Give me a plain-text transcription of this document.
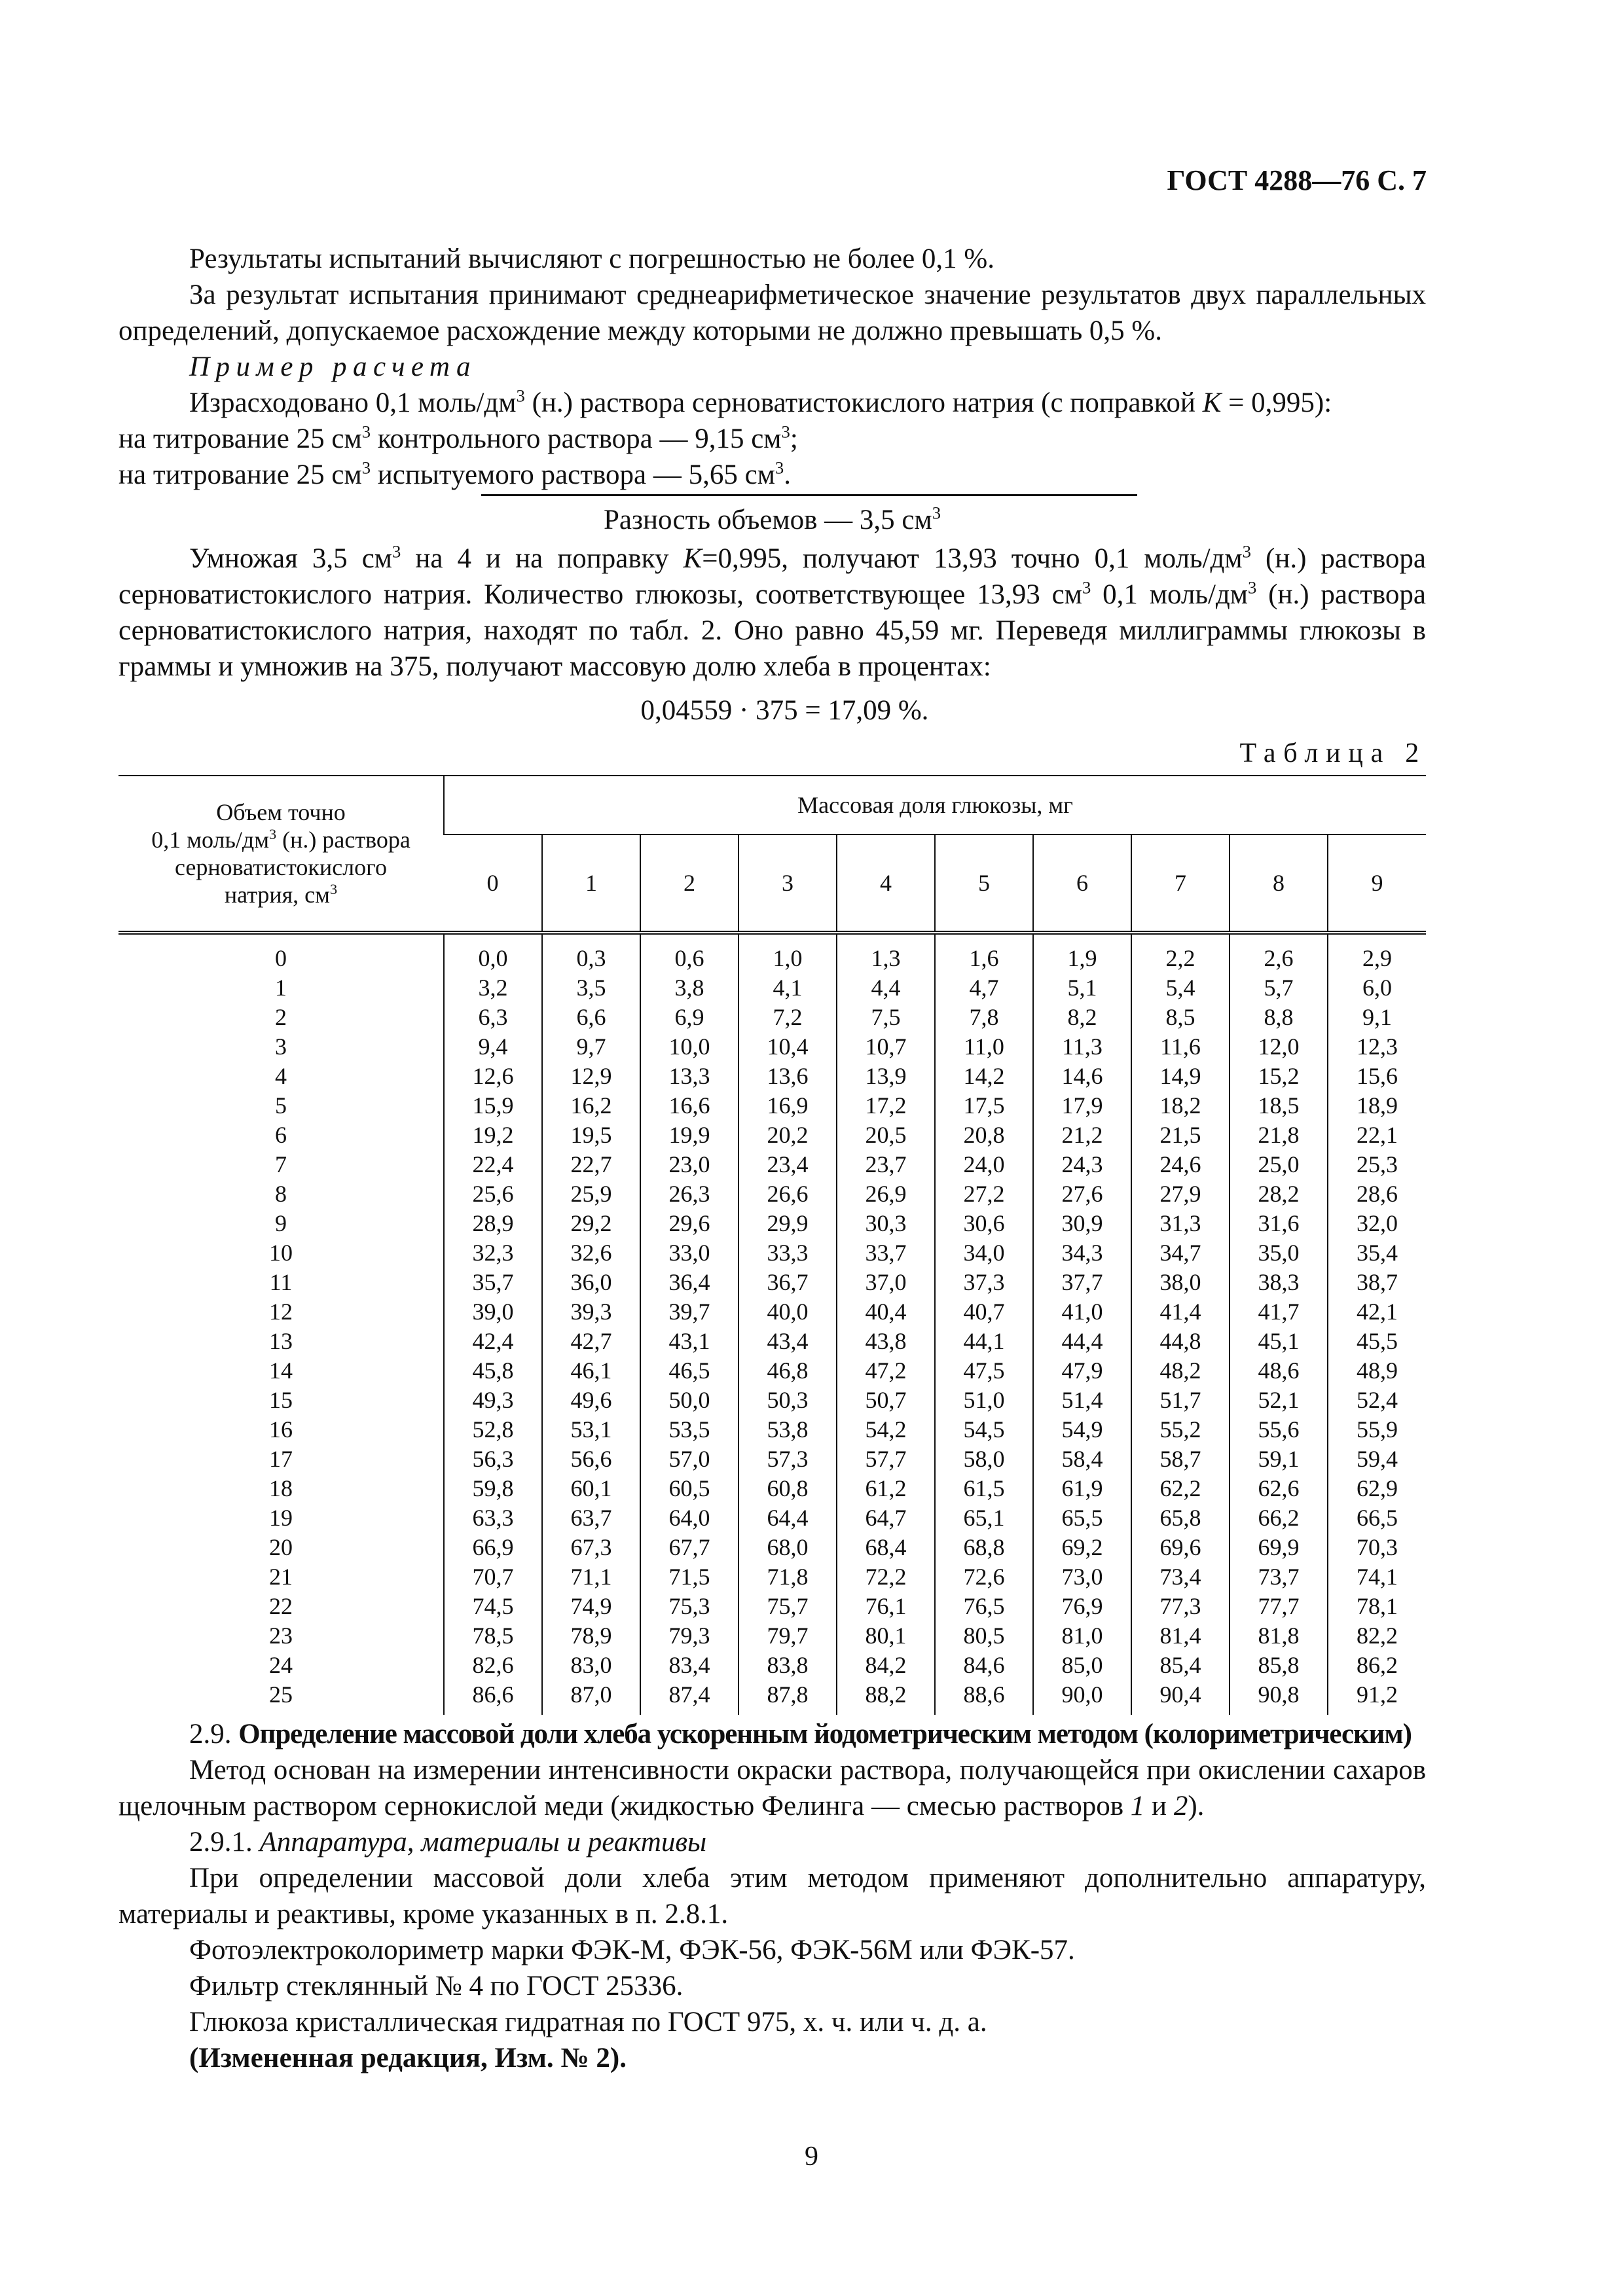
ГОСТ 4288—76 С. 7

Результаты испытаний вычисляют с погрешностью не более 0,1 %.

За результат испытания принимают среднеарифметическое значение результатов двух параллельных определений, допускаемое расхождение между которыми не должно превышать 0,5 %.

Пример расчета

Израсходовано 0,1 моль/$дм^3$ (н.) раствора серноватистокислого натрия (с поправкой K = 0,995):

на титрование 25 $см^3$ контрольного раствора — 9,15 $см^3$;

на титрование 25 $см^3$ испытуемого раствора — 5,65 $см^3$.

Разность объемов — 3,5 $см^3$

Умножая 3,5 $см^3$ на 4 и на поправку K=0,995, получают 13,93 точно 0,1 моль/$дм^3$ (н.) раствора серноватистокислого натрия. Количество глюкозы, соответствующее 13,93 $см^3$ 0,1 моль/$дм^3$ (н.) раствора серноватистокислого натрия, находят по табл. 2. Оно равно 45,59 мг. Переведя миллиграммы глюкозы в граммы и умножив на 375, получают массовую долю хлеба в процентах:

0,04559 · 375 = 17,09 %.

Таблица 2
Объем точно
0,1 моль/$дм^3$ (н.) раствора
серноватистокислого
натрия, $см^3$	Массовая доля глюкозы, мг									
	0	1	2	3	4	5	6	7	8	9
0	0,0	0,3	0,6	1,0	1,3	1,6	1,9	2,2	2,6	2,9
1	3,2	3,5	3,8	4,1	4,4	4,7	5,1	5,4	5,7	6,0
2	6,3	6,6	6,9	7,2	7,5	7,8	8,2	8,5	8,8	9,1
3	9,4	9,7	10,0	10,4	10,7	11,0	11,3	11,6	12,0	12,3
4	12,6	12,9	13,3	13,6	13,9	14,2	14,6	14,9	15,2	15,6
5	15,9	16,2	16,6	16,9	17,2	17,5	17,9	18,2	18,5	18,9
6	19,2	19,5	19,9	20,2	20,5	20,8	21,2	21,5	21,8	22,1
7	22,4	22,7	23,0	23,4	23,7	24,0	24,3	24,6	25,0	25,3
8	25,6	25,9	26,3	26,6	26,9	27,2	27,6	27,9	28,2	28,6
9	28,9	29,2	29,6	29,9	30,3	30,6	30,9	31,3	31,6	32,0
10	32,3	32,6	33,0	33,3	33,7	34,0	34,3	34,7	35,0	35,4
11	35,7	36,0	36,4	36,7	37,0	37,3	37,7	38,0	38,3	38,7
12	39,0	39,3	39,7	40,0	40,4	40,7	41,0	41,4	41,7	42,1
13	42,4	42,7	43,1	43,4	43,8	44,1	44,4	44,8	45,1	45,5
14	45,8	46,1	46,5	46,8	47,2	47,5	47,9	48,2	48,6	48,9
15	49,3	49,6	50,0	50,3	50,7	51,0	51,4	51,7	52,1	52,4
16	52,8	53,1	53,5	53,8	54,2	54,5	54,9	55,2	55,6	55,9
17	56,3	56,6	57,0	57,3	57,7	58,0	58,4	58,7	59,1	59,4
18	59,8	60,1	60,5	60,8	61,2	61,5	61,9	62,2	62,6	62,9
19	63,3	63,7	64,0	64,4	64,7	65,1	65,5	65,8	66,2	66,5
20	66,9	67,3	67,7	68,0	68,4	68,8	69,2	69,6	69,9	70,3
21	70,7	71,1	71,5	71,8	72,2	72,6	73,0	73,4	73,7	74,1
22	74,5	74,9	75,3	75,7	76,1	76,5	76,9	77,3	77,7	78,1
23	78,5	78,9	79,3	79,7	80,1	80,5	81,0	81,4	81,8	82,2
24	82,6	83,0	83,4	83,8	84,2	84,6	85,0	85,4	85,8	86,2
25	86,6	87,0	87,4	87,8	88,2	88,6	90,0	90,4	90,8	91,2

2.9. Определение массовой доли хлеба ускоренным йодометрическим методом (колориметрическим)

Метод основан на измерении интенсивности окраски раствора, получающейся при окислении сахаров щелочным раствором сернокислой меди (жидкостью Фелинга — смесью растворов 1 и 2).

2.9.1. Аппаратура, материалы и реактивы

При определении массовой доли хлеба этим методом применяют дополнительно аппаратуру, материалы и реактивы, кроме указанных в п. 2.8.1.

Фотоэлектроколориметр марки ФЭК-М, ФЭК-56, ФЭК-56М или ФЭК-57.

Фильтр стеклянный № 4 по ГОСТ 25336.

Глюкоза кристаллическая гидратная по ГОСТ 975, х. ч. или ч. д. а.

(Измененная редакция, Изм. № 2).

9
